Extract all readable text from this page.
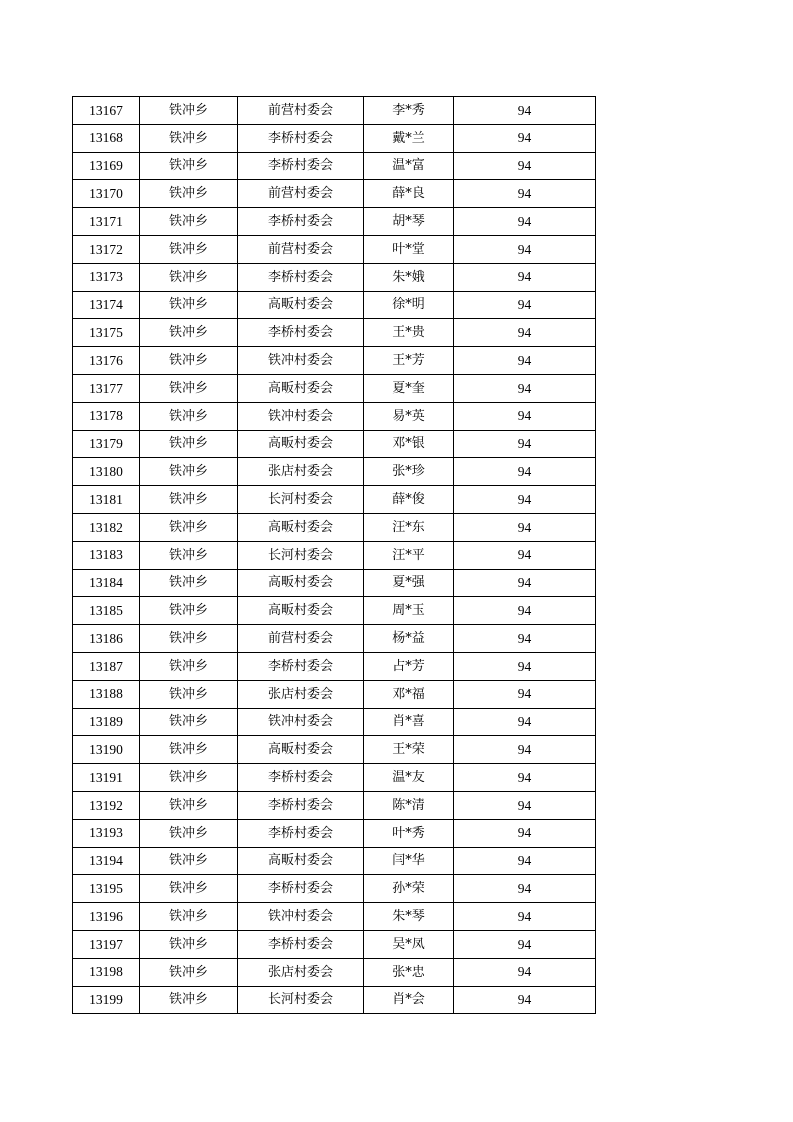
13167	铁冲乡	前营村委会	李*秀	94
13168	铁冲乡	李桥村委会	戴*兰	94
13169	铁冲乡	李桥村委会	温*富	94
13170	铁冲乡	前营村委会	薛*良	94
13171	铁冲乡	李桥村委会	胡*琴	94
13172	铁冲乡	前营村委会	叶*堂	94
13173	铁冲乡	李桥村委会	朱*娥	94
13174	铁冲乡	高畈村委会	徐*明	94
13175	铁冲乡	李桥村委会	王*贵	94
13176	铁冲乡	铁冲村委会	王*芳	94
13177	铁冲乡	高畈村委会	夏*奎	94
13178	铁冲乡	铁冲村委会	易*英	94
13179	铁冲乡	高畈村委会	邓*银	94
13180	铁冲乡	张店村委会	张*珍	94
13181	铁冲乡	长河村委会	薛*俊	94
13182	铁冲乡	高畈村委会	汪*东	94
13183	铁冲乡	长河村委会	汪*平	94
13184	铁冲乡	高畈村委会	夏*强	94
13185	铁冲乡	高畈村委会	周*玉	94
13186	铁冲乡	前营村委会	杨*益	94
13187	铁冲乡	李桥村委会	占*芳	94
13188	铁冲乡	张店村委会	邓*福	94
13189	铁冲乡	铁冲村委会	肖*喜	94
13190	铁冲乡	高畈村委会	王*荣	94
13191	铁冲乡	李桥村委会	温*友	94
13192	铁冲乡	李桥村委会	陈*清	94
13193	铁冲乡	李桥村委会	叶*秀	94
13194	铁冲乡	高畈村委会	闫*华	94
13195	铁冲乡	李桥村委会	孙*荣	94
13196	铁冲乡	铁冲村委会	朱*琴	94
13197	铁冲乡	李桥村委会	吴*凤	94
13198	铁冲乡	张店村委会	张*忠	94
13199	铁冲乡	长河村委会	肖*会	94
